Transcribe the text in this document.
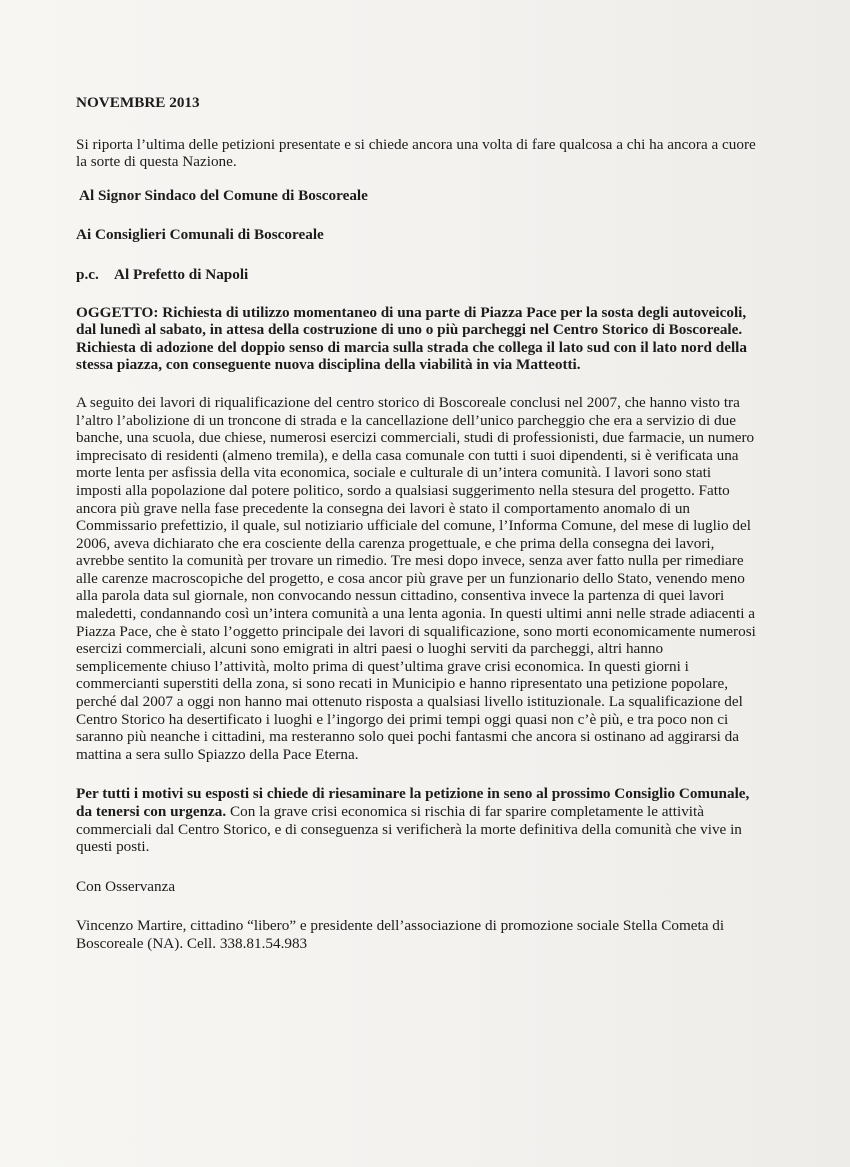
NOVEMBRE 2013

Si riporta l’ultima delle petizioni presentate e si chiede ancora una volta di fare qualcosa a chi ha ancora a cuore la sorte di questa Nazione.

Al Signor Sindaco del Comune di Boscoreale

Ai Consiglieri Comunali di Boscoreale

p.c. Al Prefetto di Napoli

OGGETTO: Richiesta di utilizzo momentaneo di una parte di Piazza Pace per la sosta degli autoveicoli, dal lunedì al sabato, in attesa della costruzione di uno o più parcheggi nel Centro Storico di Boscoreale. Richiesta di adozione del doppio senso di marcia sulla strada che collega il lato sud con il lato nord della stessa piazza, con conseguente nuova disciplina della viabilità in via Matteotti.

A seguito dei lavori di riqualificazione del centro storico di Boscoreale conclusi nel 2007, che hanno visto tra l’altro l’abolizione di un troncone di strada e la cancellazione dell’unico parcheggio che era a servizio di due banche, una scuola, due chiese, numerosi esercizi commerciali, studi di professionisti, due farmacie, un numero imprecisato di residenti (almeno tremila), e della casa comunale con tutti i suoi dipendenti, si è verificata una morte lenta per asfissia della vita economica, sociale e culturale di un’intera comunità. I lavori sono stati imposti alla popolazione dal potere politico, sordo a qualsiasi suggerimento nella stesura del progetto. Fatto ancora più grave nella fase precedente la consegna dei lavori è stato il comportamento anomalo di un Commissario prefettizio, il quale, sul notiziario ufficiale del comune, l’Informa Comune, del mese di luglio del 2006, aveva dichiarato che era cosciente della carenza progettuale, e che prima della consegna dei lavori, avrebbe sentito la comunità per trovare un rimedio. Tre mesi dopo invece, senza aver fatto nulla per rimediare alle carenze macroscopiche del progetto, e cosa ancor più grave per un funzionario dello Stato, venendo meno alla parola data sul giornale, non convocando nessun cittadino, consentiva invece la partenza di quei lavori maledetti, condannando così un’intera comunità a una lenta agonia. In questi ultimi anni nelle strade adiacenti a Piazza Pace, che è stato l’oggetto principale dei lavori di squalificazione, sono morti economicamente numerosi esercizi commerciali, alcuni sono emigrati in altri paesi o luoghi serviti da parcheggi, altri hanno semplicemente chiuso l’attività, molto prima di quest’ultima grave crisi economica. In questi giorni i commercianti superstiti della zona, si sono recati in Municipio e hanno ripresentato una petizione popolare, perché dal 2007 a oggi non hanno mai ottenuto risposta a qualsiasi livello istituzionale. La squalificazione del Centro Storico ha desertificato i luoghi e l’ingorgo dei primi tempi oggi quasi non c’è più, e tra poco non ci saranno più neanche i cittadini, ma resteranno solo quei pochi fantasmi che ancora si ostinano ad aggirarsi da mattina a sera sullo Spiazzo della Pace Eterna.

Per tutti i motivi su esposti si chiede di riesaminare la petizione in seno al prossimo Consiglio Comunale, da tenersi con urgenza. Con la grave crisi economica si rischia di far sparire completamente le attività commerciali dal Centro Storico, e di conseguenza si verificherà la morte definitiva della comunità che vive in questi posti.

Con Osservanza

Vincenzo Martire, cittadino “libero” e presidente dell’associazione di promozione sociale Stella Cometa di Boscoreale (NA). Cell. 338.81.54.983
